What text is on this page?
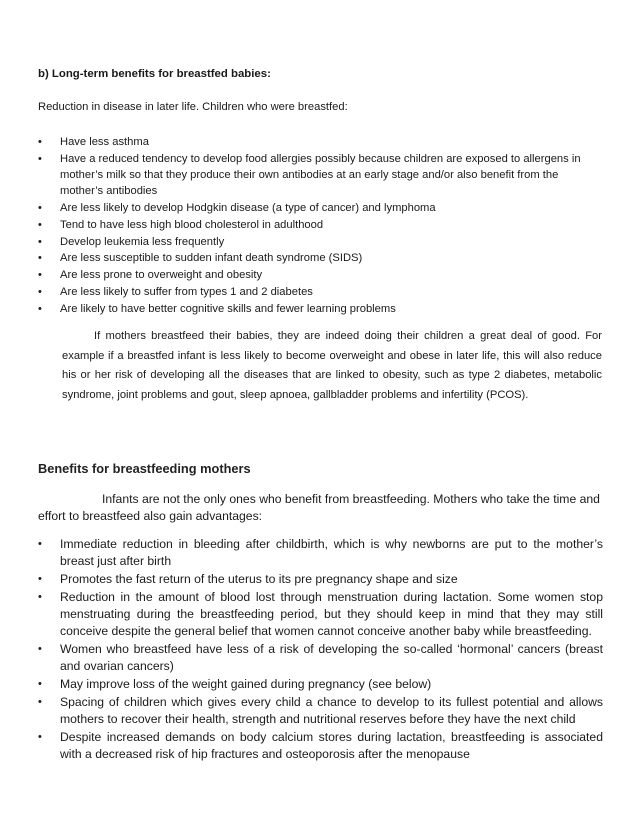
b) Long-term benefits for breastfed babies:

Reduction in disease in later life. Children who were breastfed:

• Have less asthma
• Have a reduced tendency to develop food allergies possibly because children are exposed to allergens in mother’s milk so that they produce their own antibodies at an early stage and/or also benefit from the mother’s antibodies
• Are less likely to develop Hodgkin disease (a type of cancer) and lymphoma
• Tend to have less high blood cholesterol in adulthood
• Develop leukemia less frequently
• Are less susceptible to sudden infant death syndrome (SIDS)
• Are less prone to overweight and obesity
• Are less likely to suffer from types 1 and 2 diabetes
• Are likely to have better cognitive skills and fewer learning problems

If mothers breastfeed their babies, they are indeed doing their children a great deal of good. For example if a breastfed infant is less likely to become overweight and obese in later life, this will also reduce his or her risk of developing all the diseases that are linked to obesity, such as type 2 diabetes, metabolic syndrome, joint problems and gout, sleep apnoea, gallbladder problems and infertility (PCOS).

Benefits for breastfeeding mothers

Infants are not the only ones who benefit from breastfeeding. Mothers who take the time and effort to breastfeed also gain advantages:

• Immediate reduction in bleeding after childbirth, which is why newborns are put to the mother’s breast just after birth
• Promotes the fast return of the uterus to its pre pregnancy shape and size
• Reduction in the amount of blood lost through menstruation during lactation. Some women stop menstruating during the breastfeeding period, but they should keep in mind that they may still conceive despite the general belief that women cannot conceive another baby while breastfeeding.
• Women who breastfeed have less of a risk of developing the so-called ‘hormonal’ cancers (breast and ovarian cancers)
• May improve loss of the weight gained during pregnancy (see below)
• Spacing of children which gives every child a chance to develop to its fullest potential and allows mothers to recover their health, strength and nutritional reserves before they have the next child
• Despite increased demands on body calcium stores during lactation, breastfeeding is associated with a decreased risk of hip fractures and osteoporosis after the menopause
